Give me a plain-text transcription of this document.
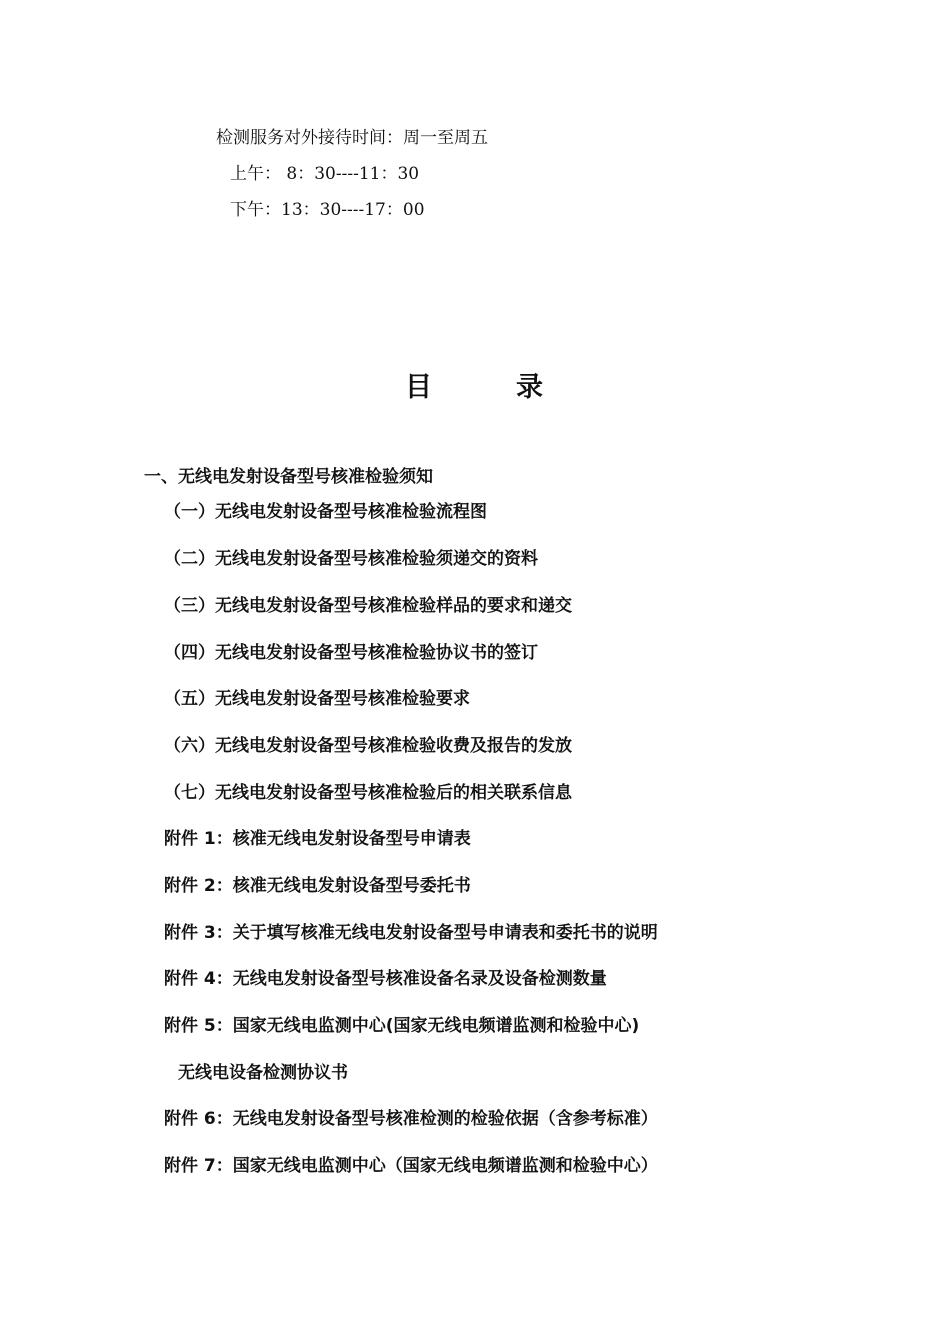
检测服务对外接待时间：周一至周五
上午： 8：30----11：30
下午：13：30----17：00
目	录
一、无线电发射设备型号核准检验须知
（一）无线电发射设备型号核准检验流程图
（二）无线电发射设备型号核准检验须递交的资料
（三）无线电发射设备型号核准检验样品的要求和递交
（四）无线电发射设备型号核准检验协议书的签订
（五）无线电发射设备型号核准检验要求
（六）无线电发射设备型号核准检验收费及报告的发放
（七）无线电发射设备型号核准检验后的相关联系信息
附件 1：核准无线电发射设备型号申请表
附件 2：核准无线电发射设备型号委托书
附件 3：关于填写核准无线电发射设备型号申请表和委托书的说明
附件 4：无线电发射设备型号核准设备名录及设备检测数量
附件 5：国家无线电监测中心(国家无线电频谱监测和检验中心)
无线电设备检测协议书
附件 6：无线电发射设备型号核准检测的检验依据（含参考标准）
附件 7：国家无线电监测中心（国家无线电频谱监测和检验中心）
